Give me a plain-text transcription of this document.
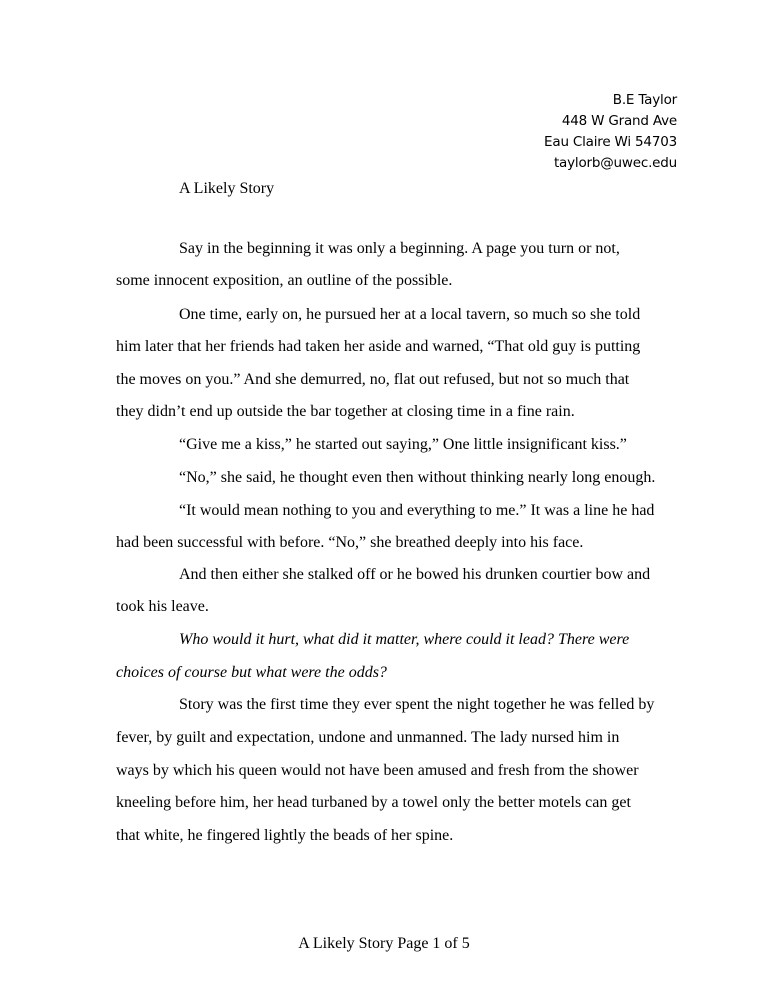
B.E Taylor
448 W Grand Ave
Eau Claire Wi 54703
taylorb@uwec.edu
A Likely Story
Say in the beginning it was only a beginning. A page you turn or not,
some innocent exposition, an outline of the possible.
One time, early on, he pursued her at a local tavern, so much so she told
him later that her friends had taken her aside and warned, “That old guy is putting
the moves on you.” And she demurred, no, flat out refused, but not so much that
they didn’t end up outside the bar together at closing time in a fine rain.
“Give me a kiss,” he started out saying,” One little insignificant kiss.”
“No,” she said, he thought even then without thinking nearly long enough.
“It would mean nothing to you and everything to me.” It was a line he had
had been successful with before. “No,” she breathed deeply into his face.
And then either she stalked off or he bowed his drunken courtier bow and
took his leave.
Who would it hurt, what did it matter, where could it lead? There were
choices of course but what were the odds?
Story was the first time they ever spent the night together he was felled by
fever, by guilt and expectation, undone and unmanned. The lady nursed him in
ways by which his queen would not have been amused and fresh from the shower
kneeling before him, her head turbaned by a towel only the better motels can get
that white, he fingered lightly the beads of her spine.
A Likely Story Page 1 of 5
